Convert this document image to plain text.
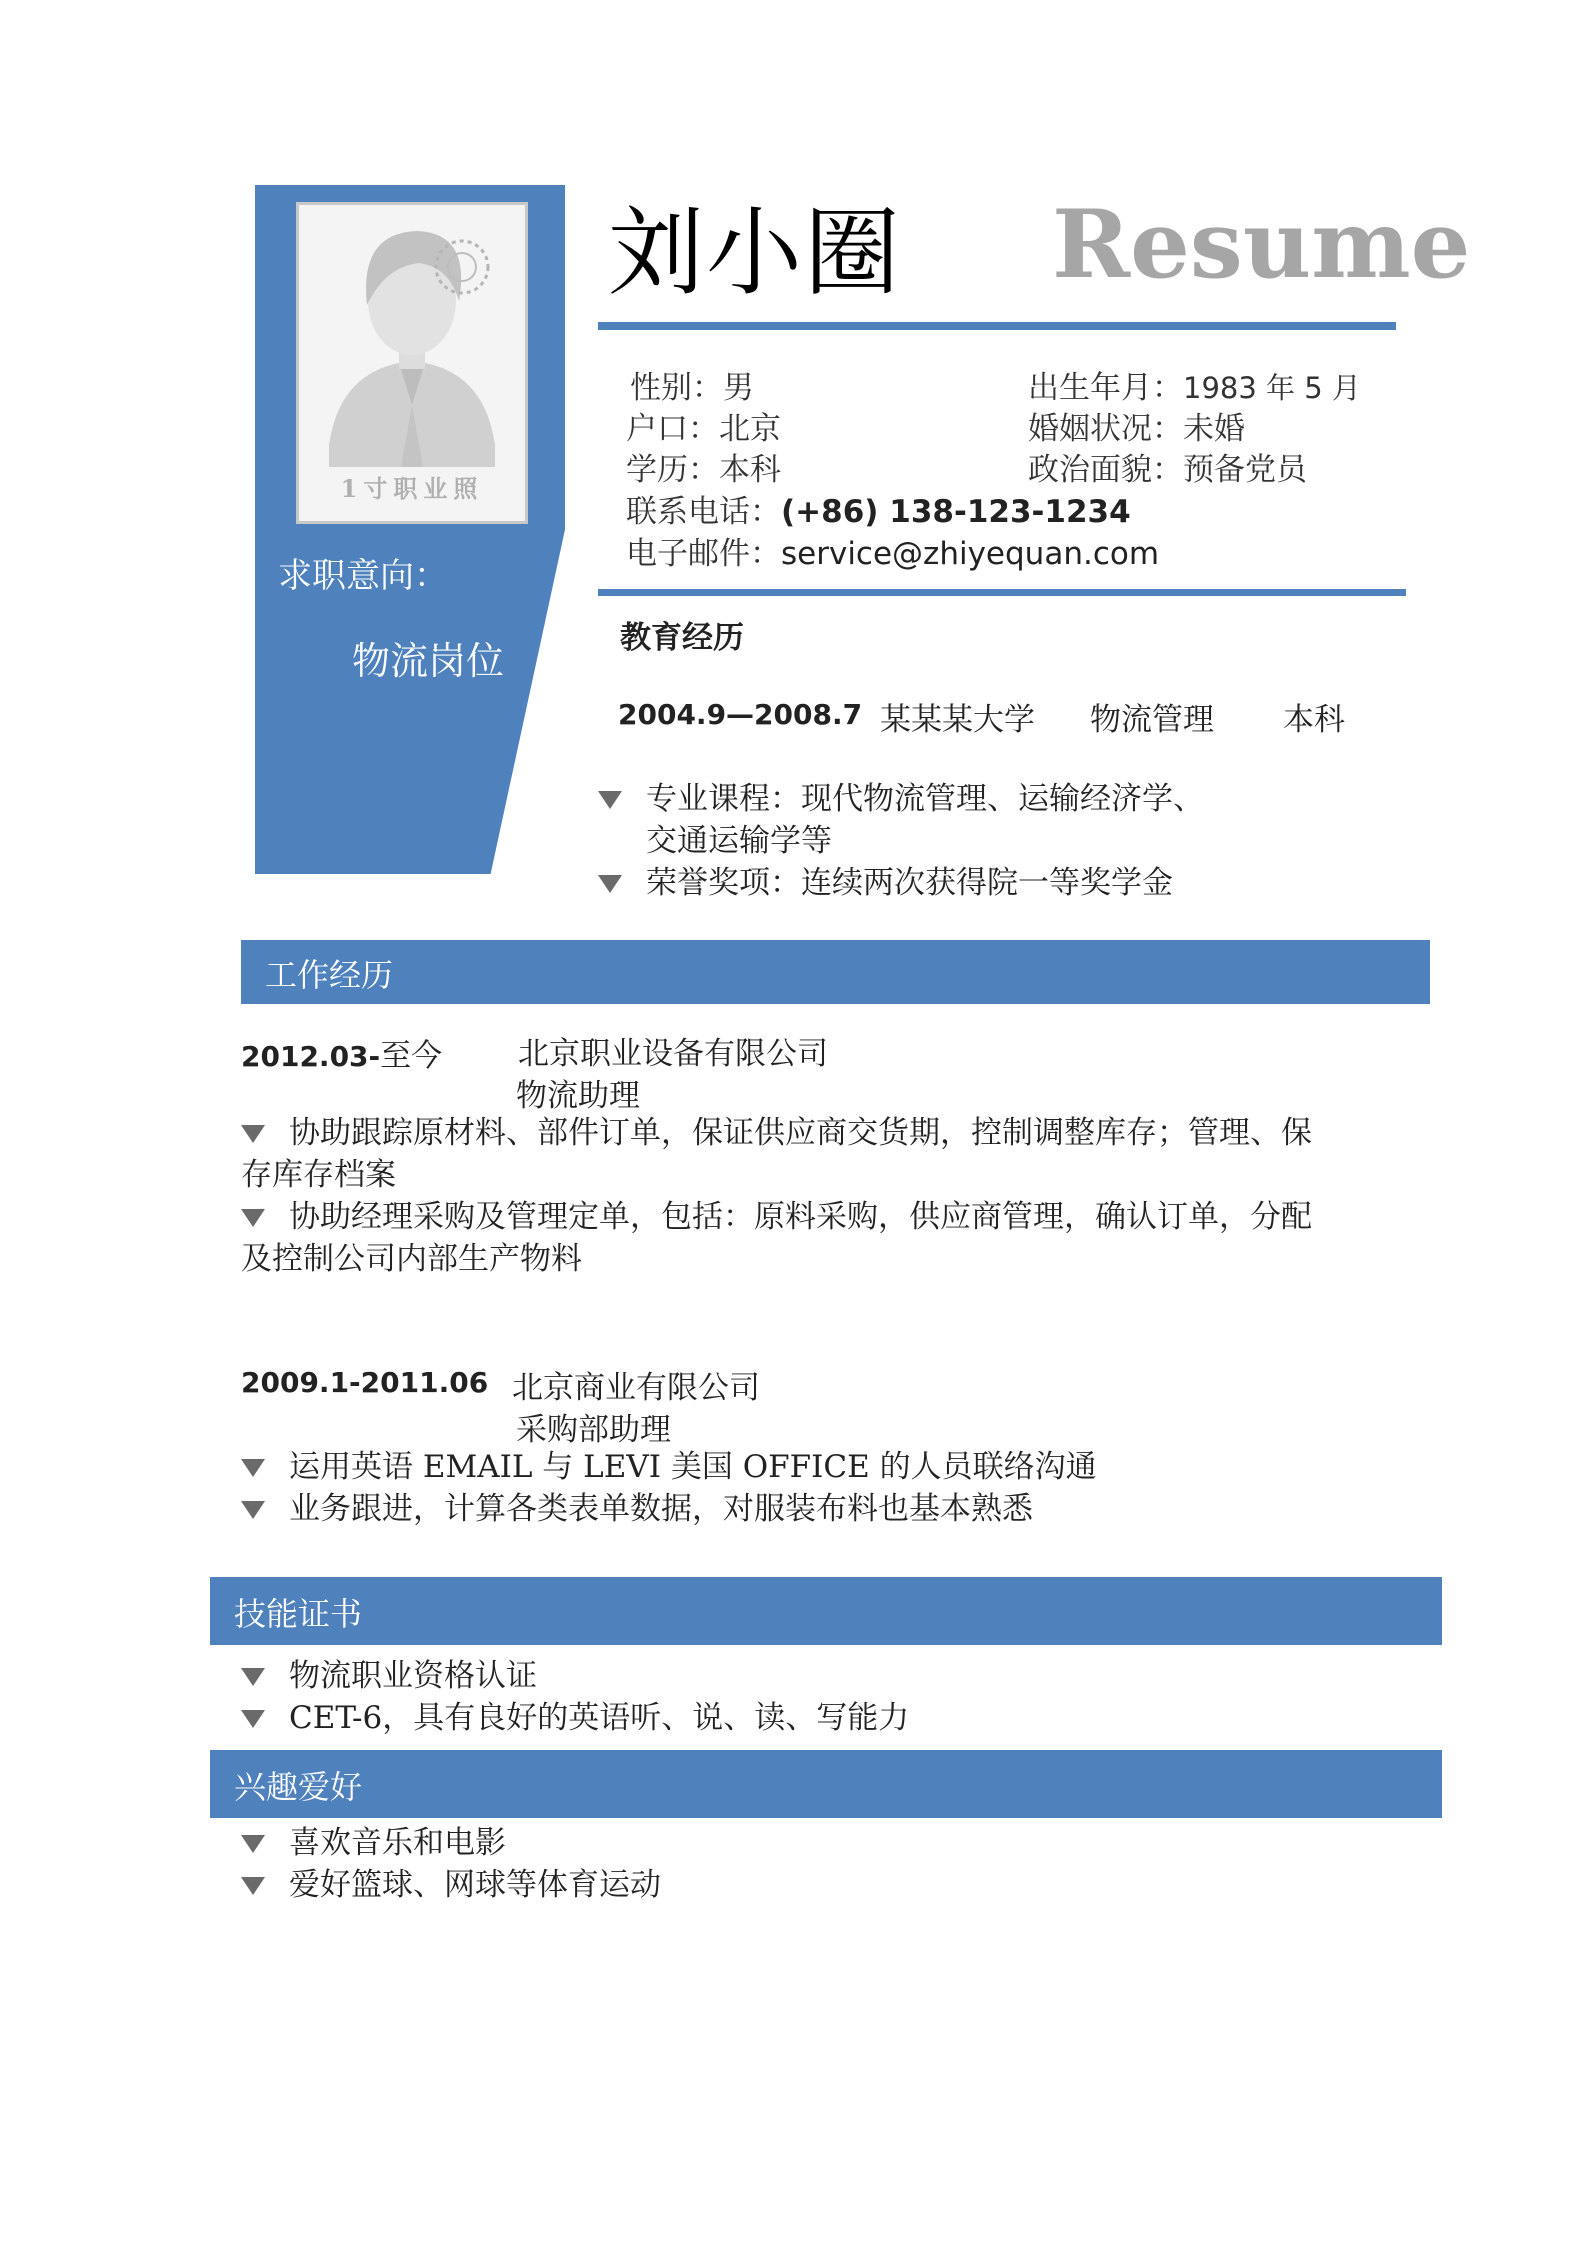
1寸职业照
求职意向：
物流岗位
刘小圈 Resume
性别：男	出生年月：1983 年 5 月
户口：北京	婚姻状况：未婚
学历：本科	政治面貌：预备党员
联系电话：(+86) 138-123-1234
电子邮件：service@zhiyequan.com
教育经历
2004.9—2008.7 某某某大学 物流管理 本科
专业课程：现代物流管理、运输经济学、
交通运输学等
荣誉奖项：连续两次获得院一等奖学金
工作经历
2012.03-至今 北京职业设备有限公司
物流助理
协助跟踪原材料、部件订单，保证供应商交货期，控制调整库存；管理、保
存库存档案
协助经理采购及管理定单，包括：原料采购，供应商管理，确认订单，分配
及控制公司内部生产物料
2009.1-2011.06 北京商业有限公司
采购部助理
运用英语 EMAIL 与 LEVI 美国 OFFICE 的人员联络沟通
业务跟进，计算各类表单数据，对服装布料也基本熟悉
技能证书
物流职业资格认证
CET-6，具有良好的英语听、说、读、写能力
兴趣爱好
喜欢音乐和电影
爱好篮球、网球等体育运动
